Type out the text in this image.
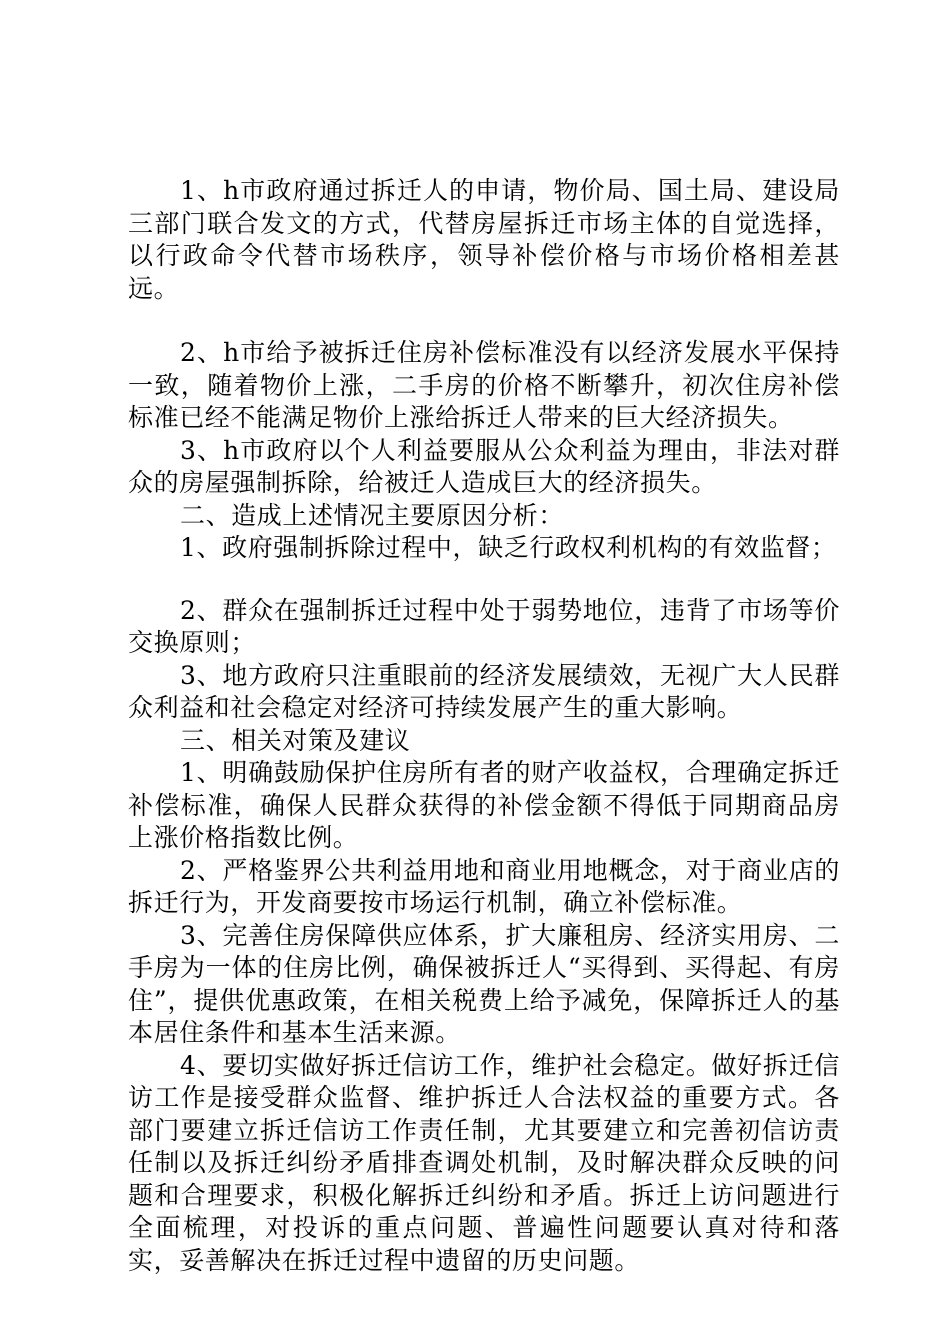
1、h市政府通过拆迁人的申请，物价局、国土局、建设局三部门联合发文的方式，代替房屋拆迁市场主体的自觉选择，以行政命令代替市场秩序，领导补偿价格与市场价格相差甚远。

2、h市给予被拆迁住房补偿标准没有以经济发展水平保持一致，随着物价上涨，二手房的价格不断攀升，初次住房补偿标准已经不能满足物价上涨给拆迁人带来的巨大经济损失。

3、h市政府以个人利益要服从公众利益为理由，非法对群众的房屋强制拆除，给被迁人造成巨大的经济损失。

二、造成上述情况主要原因分析：

1、政府强制拆除过程中，缺乏行政权利机构的有效监督；

2、群众在强制拆迁过程中处于弱势地位，违背了市场等价交换原则；

3、地方政府只注重眼前的经济发展绩效，无视广大人民群众利益和社会稳定对经济可持续发展产生的重大影响。

三、相关对策及建议

1、明确鼓励保护住房所有者的财产收益权，合理确定拆迁补偿标准，确保人民群众获得的补偿金额不得低于同期商品房上涨价格指数比例。

2、严格鉴界公共利益用地和商业用地概念，对于商业店的拆迁行为，开发商要按市场运行机制，确立补偿标准。

3、完善住房保障供应体系，扩大廉租房、经济实用房、二手房为一体的住房比例，确保被拆迁人“买得到、买得起、有房住”，提供优惠政策，在相关税费上给予减免，保障拆迁人的基本居住条件和基本生活来源。

4、要切实做好拆迁信访工作，维护社会稳定。做好拆迁信访工作是接受群众监督、维护拆迁人合法权益的重要方式。各部门要建立拆迁信访工作责任制，尤其要建立和完善初信访责任制以及拆迁纠纷矛盾排查调处机制，及时解决群众反映的问题和合理要求，积极化解拆迁纠纷和矛盾。拆迁上访问题进行全面梳理，对投诉的重点问题、普遍性问题要认真对待和落实，妥善解决在拆迁过程中遗留的历史问题。
